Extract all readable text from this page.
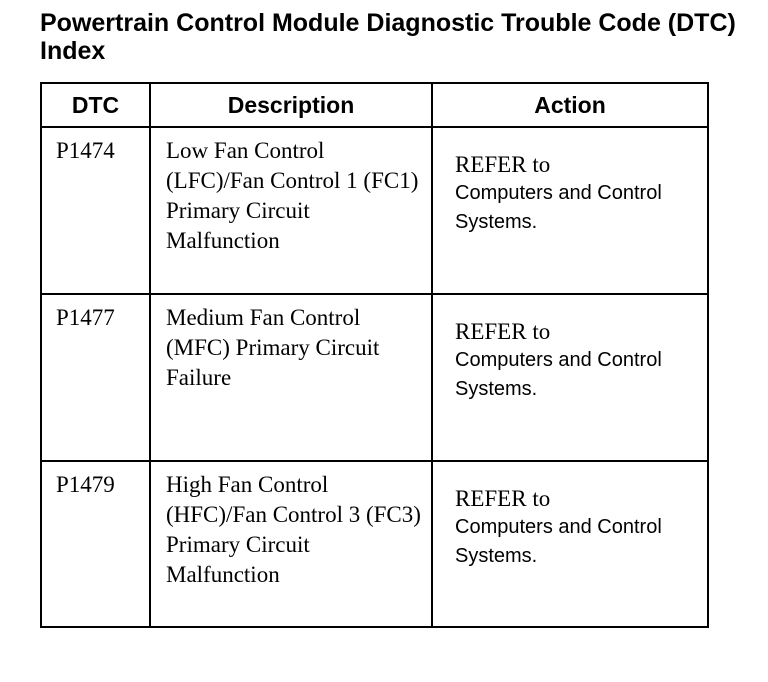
Powertrain Control Module Diagnostic Trouble Code (DTC) Index
DTC	Description	Action

P1474	Low Fan Control (LFC)/Fan Control 1 (FC1) Primary Circuit Malfunction	REFER to
Computers and Control Systems.

P1477	Medium Fan Control (MFC) Primary Circuit Failure	REFER to
Computers and Control Systems.

P1479	High Fan Control (HFC)/Fan Control 3 (FC3) Primary Circuit Malfunction	REFER to
Computers and Control Systems.
